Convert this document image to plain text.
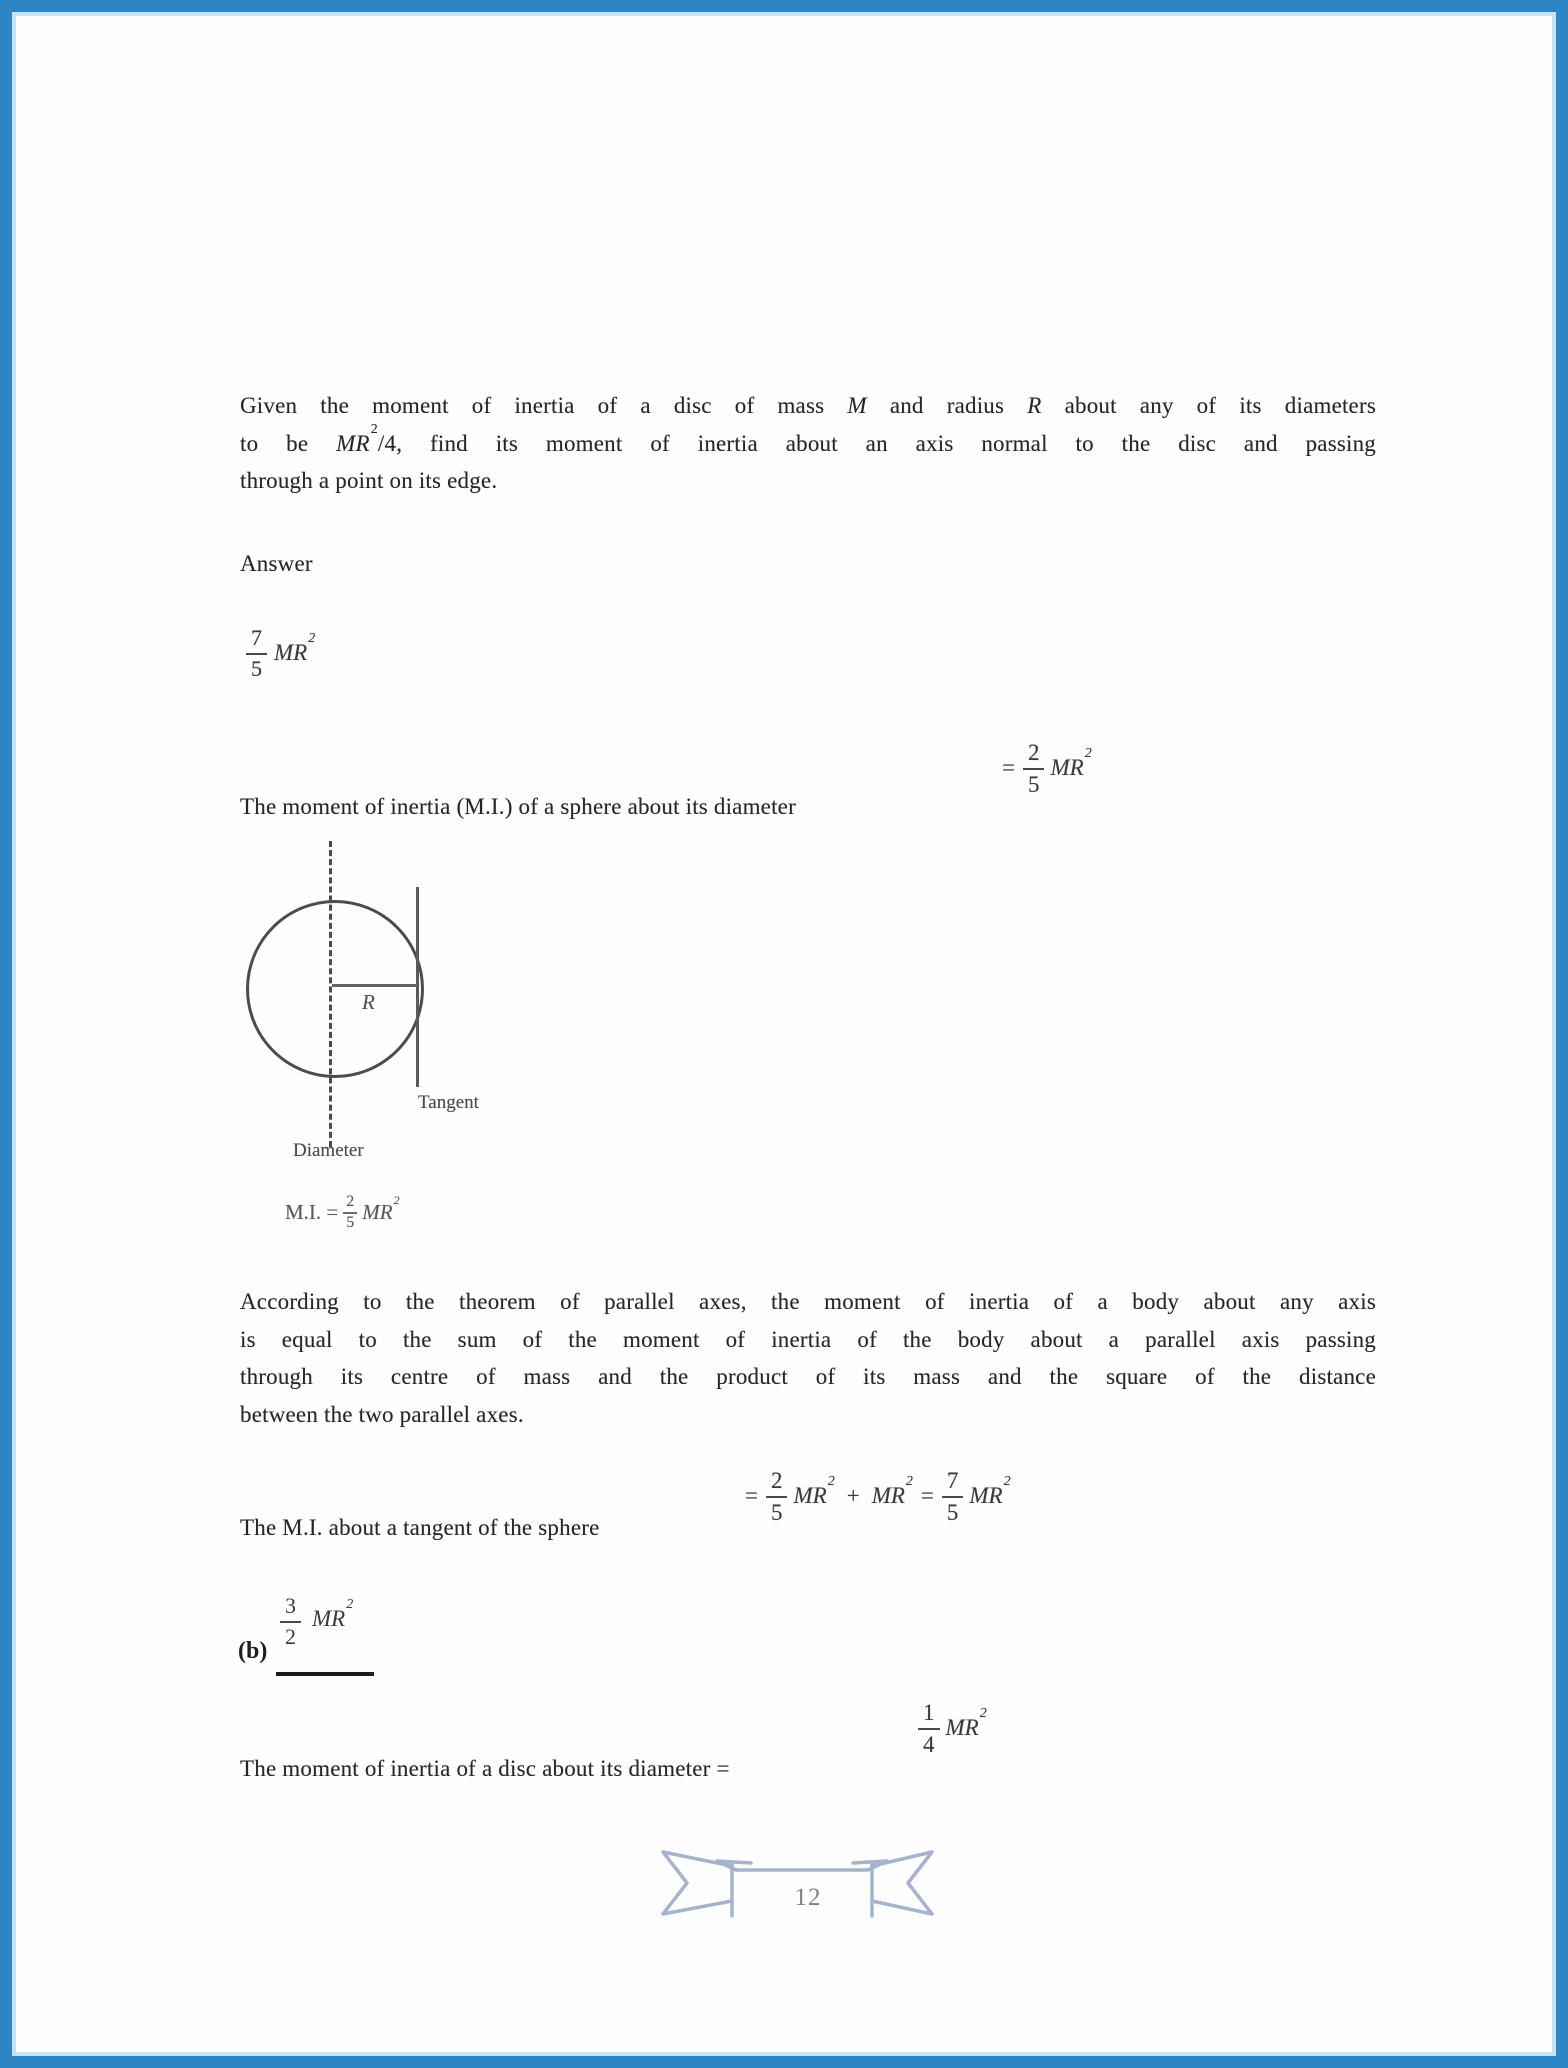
Given the moment of inertia of a disc of mass M and radius R about any of its diameters
to be $MR^2/4$, find its moment of inertia about an axis normal to the disc and passing
through a point on its edge.
Answer
$\frac{7}{5} MR^2$
The moment of inertia (M.I.) of a sphere about its diameter
= $\frac{2}{5} MR^2$
R
Tangent
Diameter
M.I. = $\frac{2}{5} MR^2$
According to the theorem of parallel axes, the moment of inertia of a body about any axis
is equal to the sum of the moment of inertia of the body about a parallel axis passing
through its centre of mass and the product of its mass and the square of the distance
between the two parallel axes.
The M.I. about a tangent of the sphere
= $\frac{2}{5} MR^2$
+ $MR^2$
= $\frac{7}{5} MR^2$
(b)
$\frac{3}{2} MR^2$
The moment of inertia of a disc about its diameter =
$\frac{1}{4} MR^2$
12
